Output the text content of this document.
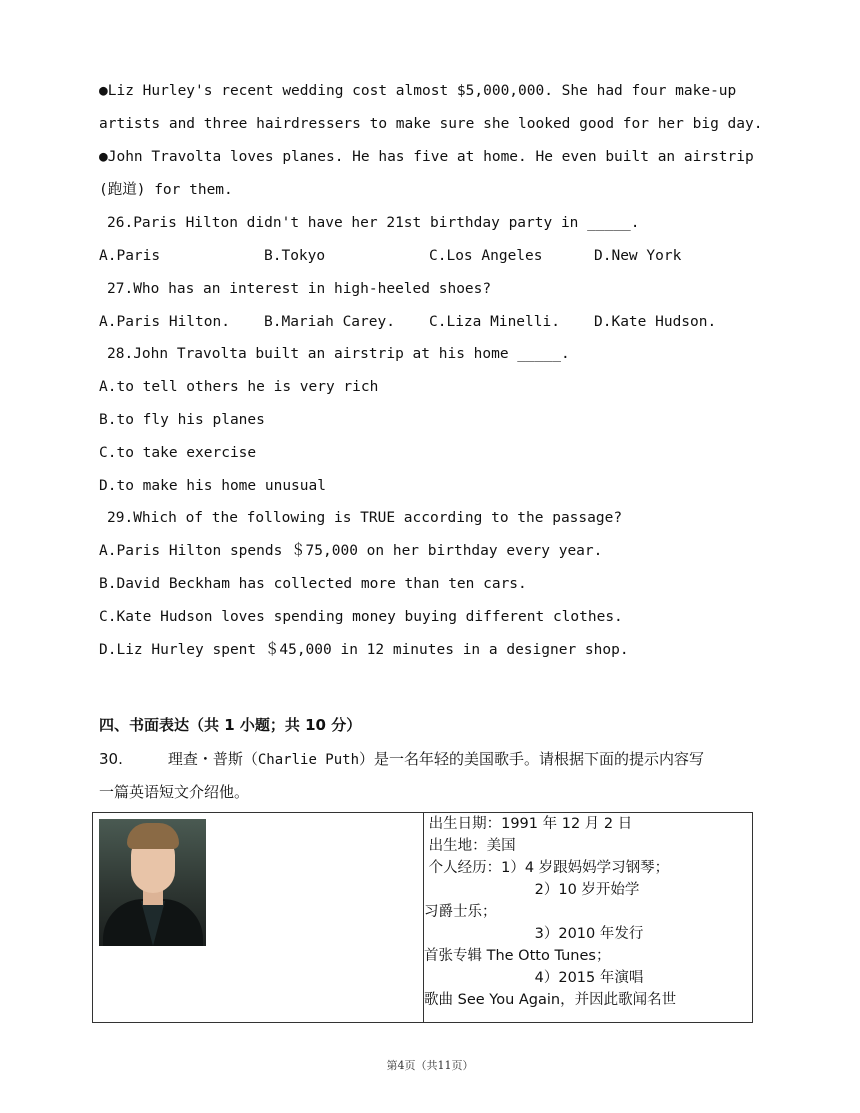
●Liz Hurley's recent wedding cost almost $5,000,000. She had four make-up
artists and three hairdressers to make sure she looked good for her big day.
●John Travolta loves planes. He has five at home. He even built an airstrip
(跑道) for them.
26.Paris Hilton didn't have her 21st birthday party in _____.
A.Paris	B.Tokyo	C.Los Angeles	D.New York
27.Who has an interest in high-heeled shoes?
A.Paris Hilton. B.Mariah Carey. C.Liza Minelli. D.Kate Hudson.
28.John Travolta built an airstrip at his home _____.
A.to tell others he is very rich
B.to fly his planes
C.to take exercise
D.to make his home unusual
29.Which of the following is TRUE according to the passage?
A.Paris Hilton spends ＄75,000 on her birthday every year.
B.David Beckham has collected more than ten cars.
C.Kate Hudson loves spending money buying different clothes.
D.Liz Hurley spent ＄45,000 in 12 minutes in a designer shop.
四、书面表达（共 1 小题；共 10 分）
30.	理查・普斯（Charlie Puth）是一名年轻的美国歌手。请根据下面的提示内容写
一篇英语短文介绍他。

出生日期：1991 年 12 月 2 日
出生地：美国
个人经历：1）4 岁跟妈妈学习钢琴；
2）10 岁开始学
习爵士乐；
3）2010 年发行
首张专辑 The Otto Tunes；
4）2015 年演唱
歌曲 See You Again，并因此歌闻名世
第4页（共11页）
